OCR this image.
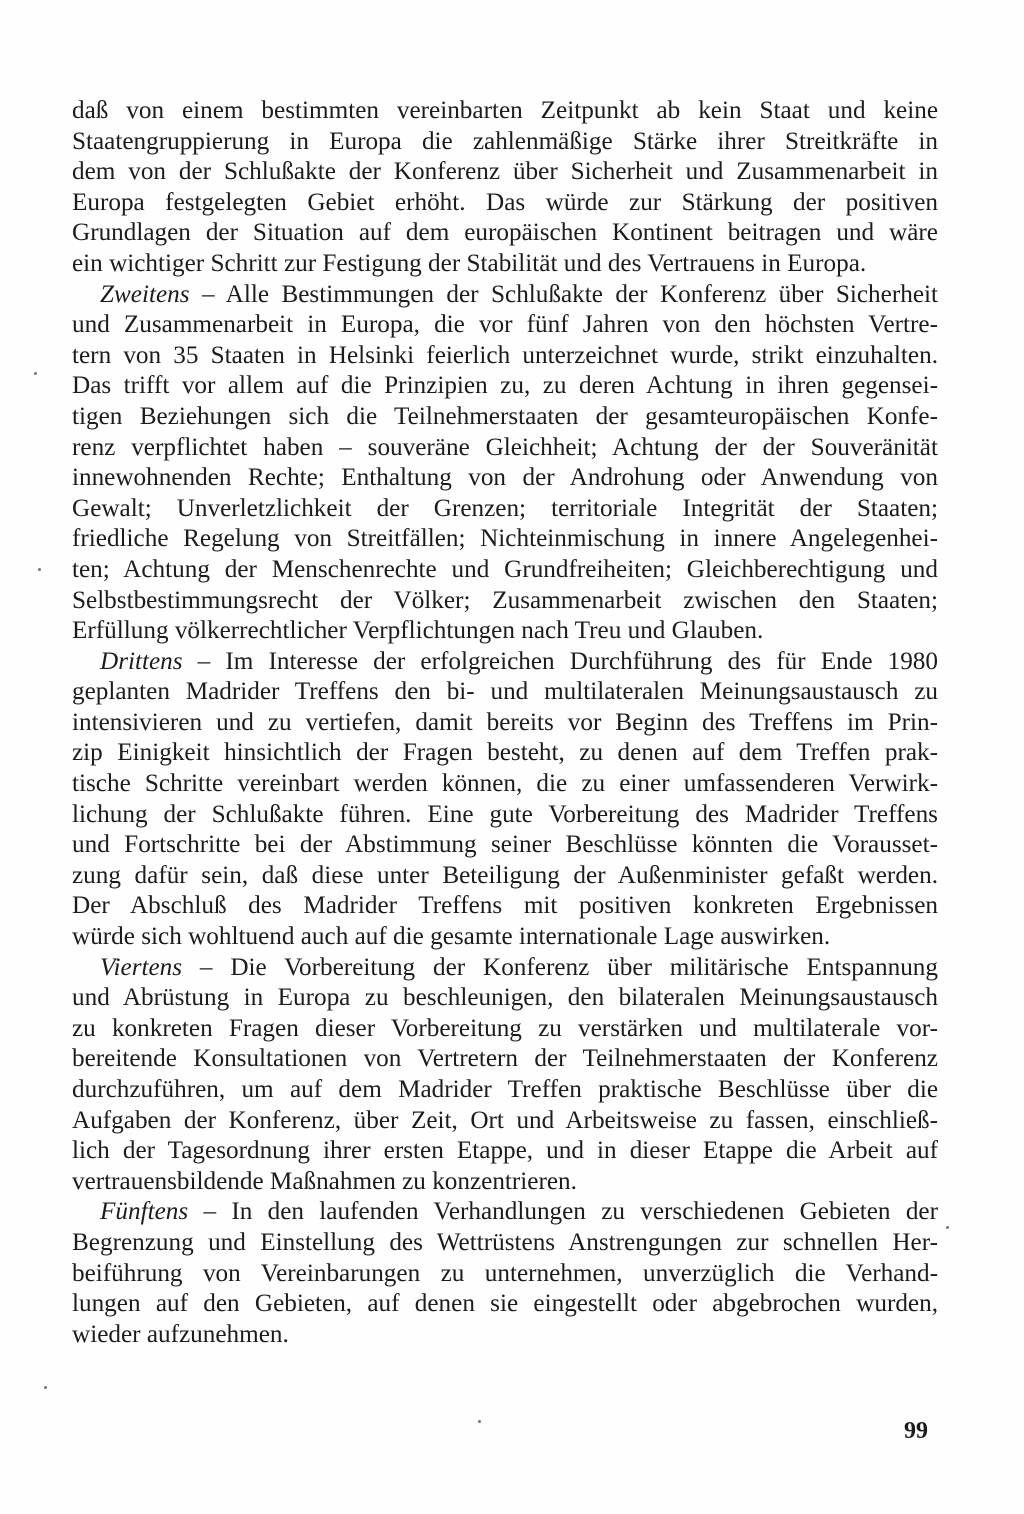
daß von einem bestimmten vereinbarten Zeitpunkt ab kein Staat und keine
Staatengruppierung in Europa die zahlenmäßige Stärke ihrer Streitkräfte in
dem von der Schlußakte der Konferenz über Sicherheit und Zusammenarbeit in
Europa festgelegten Gebiet erhöht. Das würde zur Stärkung der positiven
Grundlagen der Situation auf dem europäischen Kontinent beitragen und wäre
ein wichtiger Schritt zur Festigung der Stabilität und des Vertrauens in Europa.
Zweitens – Alle Bestimmungen der Schlußakte der Konferenz über Sicherheit
und Zusammenarbeit in Europa, die vor fünf Jahren von den höchsten Vertre-
tern von 35 Staaten in Helsinki feierlich unterzeichnet wurde, strikt einzuhalten.
Das trifft vor allem auf die Prinzipien zu, zu deren Achtung in ihren gegensei-
tigen Beziehungen sich die Teilnehmerstaaten der gesamteuropäischen Konfe-
renz verpflichtet haben – souveräne Gleichheit; Achtung der der Souveränität
innewohnenden Rechte; Enthaltung von der Androhung oder Anwendung von
Gewalt; Unverletzlichkeit der Grenzen; territoriale Integrität der Staaten;
friedliche Regelung von Streitfällen; Nichteinmischung in innere Angelegenhei-
ten; Achtung der Menschenrechte und Grundfreiheiten; Gleichberechtigung und
Selbstbestimmungsrecht der Völker; Zusammenarbeit zwischen den Staaten;
Erfüllung völkerrechtlicher Verpflichtungen nach Treu und Glauben.
Drittens – Im Interesse der erfolgreichen Durchführung des für Ende 1980
geplanten Madrider Treffens den bi- und multilateralen Meinungsaustausch zu
intensivieren und zu vertiefen, damit bereits vor Beginn des Treffens im Prin-
zip Einigkeit hinsichtlich der Fragen besteht, zu denen auf dem Treffen prak-
tische Schritte vereinbart werden können, die zu einer umfassenderen Verwirk-
lichung der Schlußakte führen. Eine gute Vorbereitung des Madrider Treffens
und Fortschritte bei der Abstimmung seiner Beschlüsse könnten die Vorausset-
zung dafür sein, daß diese unter Beteiligung der Außenminister gefaßt werden.
Der Abschluß des Madrider Treffens mit positiven konkreten Ergebnissen
würde sich wohltuend auch auf die gesamte internationale Lage auswirken.
Viertens – Die Vorbereitung der Konferenz über militärische Entspannung
und Abrüstung in Europa zu beschleunigen, den bilateralen Meinungsaustausch
zu konkreten Fragen dieser Vorbereitung zu verstärken und multilaterale vor-
bereitende Konsultationen von Vertretern der Teilnehmerstaaten der Konferenz
durchzuführen, um auf dem Madrider Treffen praktische Beschlüsse über die
Aufgaben der Konferenz, über Zeit, Ort und Arbeitsweise zu fassen, einschließ-
lich der Tagesordnung ihrer ersten Etappe, und in dieser Etappe die Arbeit auf
vertrauensbildende Maßnahmen zu konzentrieren.
Fünftens – In den laufenden Verhandlungen zu verschiedenen Gebieten der
Begrenzung und Einstellung des Wettrüstens Anstrengungen zur schnellen Her-
beiführung von Vereinbarungen zu unternehmen, unverzüglich die Verhand-
lungen auf den Gebieten, auf denen sie eingestellt oder abgebrochen wurden,
wieder aufzunehmen.
99
